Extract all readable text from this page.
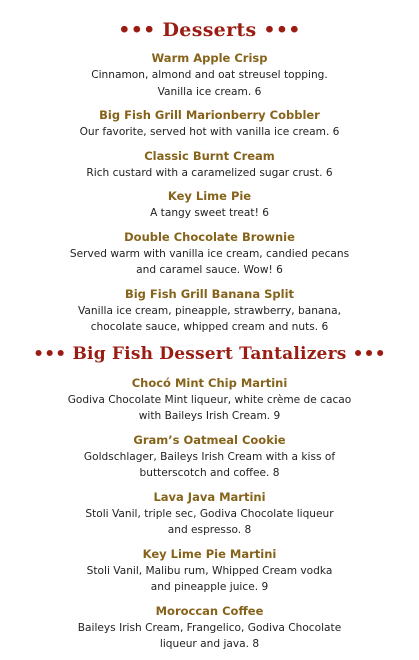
••• Desserts •••

Warm Apple Crisp

Cinnamon, almond and oat streusel topping.
Vanilla ice cream. 6

Big Fish Grill Marionberry Cobbler

Our favorite, served hot with vanilla ice cream. 6

Classic Burnt Cream

Rich custard with a caramelized sugar crust. 6

Key Lime Pie

A tangy sweet treat! 6

Double Chocolate Brownie

Served warm with vanilla ice cream, candied pecans
and caramel sauce. Wow! 6

Big Fish Grill Banana Split

Vanilla ice cream, pineapple, strawberry, banana,
chocolate sauce, whipped cream and nuts. 6

••• Big Fish Dessert Tantalizers •••

Chocó Mint Chip Martini

Godiva Chocolate Mint liqueur, white crème de cacao
with Baileys Irish Cream. 9

Gram’s Oatmeal Cookie

Goldschlager, Baileys Irish Cream with a kiss of
butterscotch and coffee. 8

Lava Java Martini

Stoli Vanil, triple sec, Godiva Chocolate liqueur
and espresso. 8

Key Lime Pie Martini

Stoli Vanil, Malibu rum, Whipped Cream vodka
and pineapple juice. 9

Moroccan Coffee

Baileys Irish Cream, Frangelico, Godiva Chocolate
liqueur and java. 8
